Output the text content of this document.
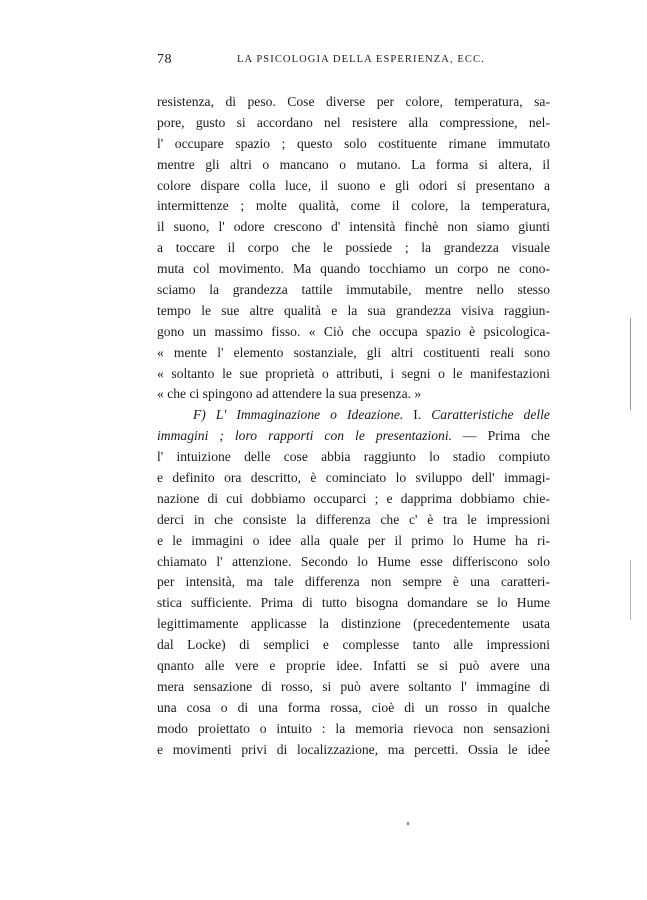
78	LA PSICOLOGIA DELLA ESPERIENZA, ECC.
resistenza, di peso. Cose diverse per colore, temperatura, sa-
pore, gusto si accordano nel resistere alla compressione, nel-
l' occupare spazio ; questo solo costituente rimane immutato
mentre gli altri o mancano o mutano. La forma si altera, il
colore dispare colla luce, il suono e gli odori si presentano a
intermittenze ; molte qualità, come il colore, la temperatura,
il suono, l' odore crescono d' intensità finchè non siamo giunti
a toccare il corpo che le possiede ; la grandezza visuale
muta col movimento. Ma quando tocchiamo un corpo ne cono-
sciamo la grandezza tattile immutabile, mentre nello stesso
tempo le sue altre qualità e la sua grandezza visiva raggiun-
gono un massimo fisso. « Ciò che occupa spazio è psicologica-
« mente l' elemento sostanziale, gli altri costituenti reali sono
« soltanto le sue proprietà o attributi, i segni o le manifestazioni
« che ci spingono ad attendere la sua presenza. »
F) L' Immaginazione o Ideazione. I. Caratteristiche delle
immagini ; loro rapporti con le presentazioni. — Prima che
l' intuizione delle cose abbia raggiunto lo stadio compiuto
e definito ora descritto, è cominciato lo sviluppo dell' immagi-
nazione di cui dobbiamo occuparci ; e dapprima dobbiamo chie-
derci in che consiste la differenza che c' è tra le impressioni
e le immagini o idee alla quale per il primo lo Hume ha ri-
chiamato l' attenzione. Secondo lo Hume esse differiscono solo
per intensità, ma tale differenza non sempre è una caratteri-
stica sufficiente. Prima di tutto bisogna domandare se lo Hume
legittimamente applicasse la distinzione (precedentemente usata
dal Locke) di semplici e complesse tanto alle impressioni
qnanto alle vere e proprie idee. Infatti se si può avere una
mera sensazione di rosso, si può avere soltanto l' immagine di
una cosa o di una forma rossa, cioè di un rosso in qualche
modo proiettato o intuito : la memoria rievoca non sensazioni
e movimenti privi di localizzazione, ma percetti. Ossia le idee
